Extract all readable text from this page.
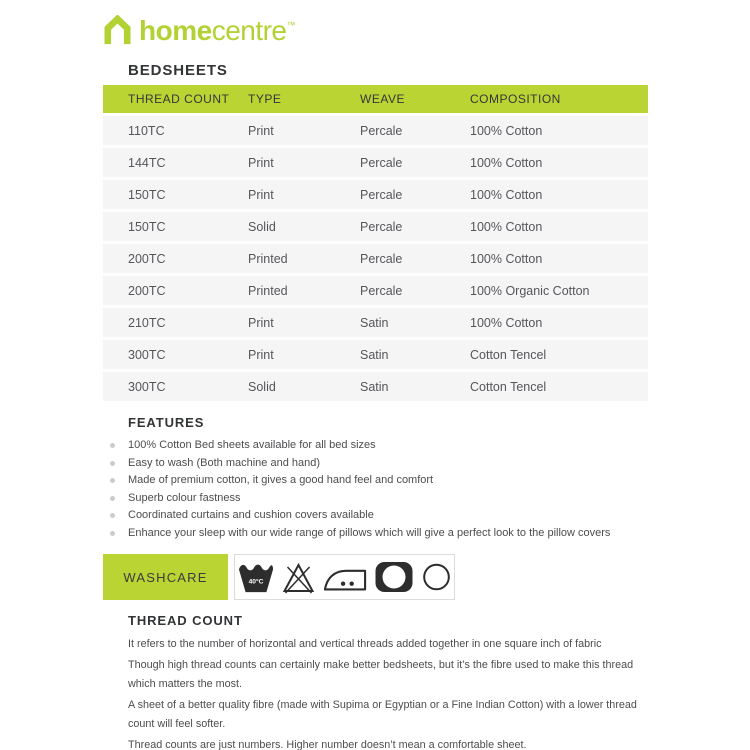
homecentre™
BEDSHEETS
THREAD COUNT	TYPE	WEAVE	COMPOSITION
110TC	Print	Percale	100% Cotton
144TC	Print	Percale	100% Cotton
150TC	Print	Percale	100% Cotton
150TC	Solid	Percale	100% Cotton
200TC	Printed	Percale	100% Cotton
200TC	Printed	Percale	100% Organic Cotton
210TC	Print	Satin	100% Cotton
300TC	Print	Satin	Cotton Tencel
300TC	Solid	Satin	Cotton Tencel
FEATURES
100% Cotton Bed sheets available for all bed sizes
Easy to wash (Both machine and hand)
Made of premium cotton, it gives a good hand feel and comfort
Superb colour fastness
Coordinated curtains and cushion covers available
Enhance your sleep with our wide range of pillows which will give a perfect look to the pillow covers
WASHCARE	40°C
THREAD COUNT

It refers to the number of horizontal and vertical threads added together in one square inch of fabric

Though high thread counts can certainly make better bedsheets, but it’s the fibre used to make this thread which matters the most.

A sheet of a better quality fibre (made with Supima or Egyptian or a Fine Indian Cotton) with a lower thread count will feel softer.

Thread counts are just numbers. Higher number doesn’t mean a comfortable sheet.
